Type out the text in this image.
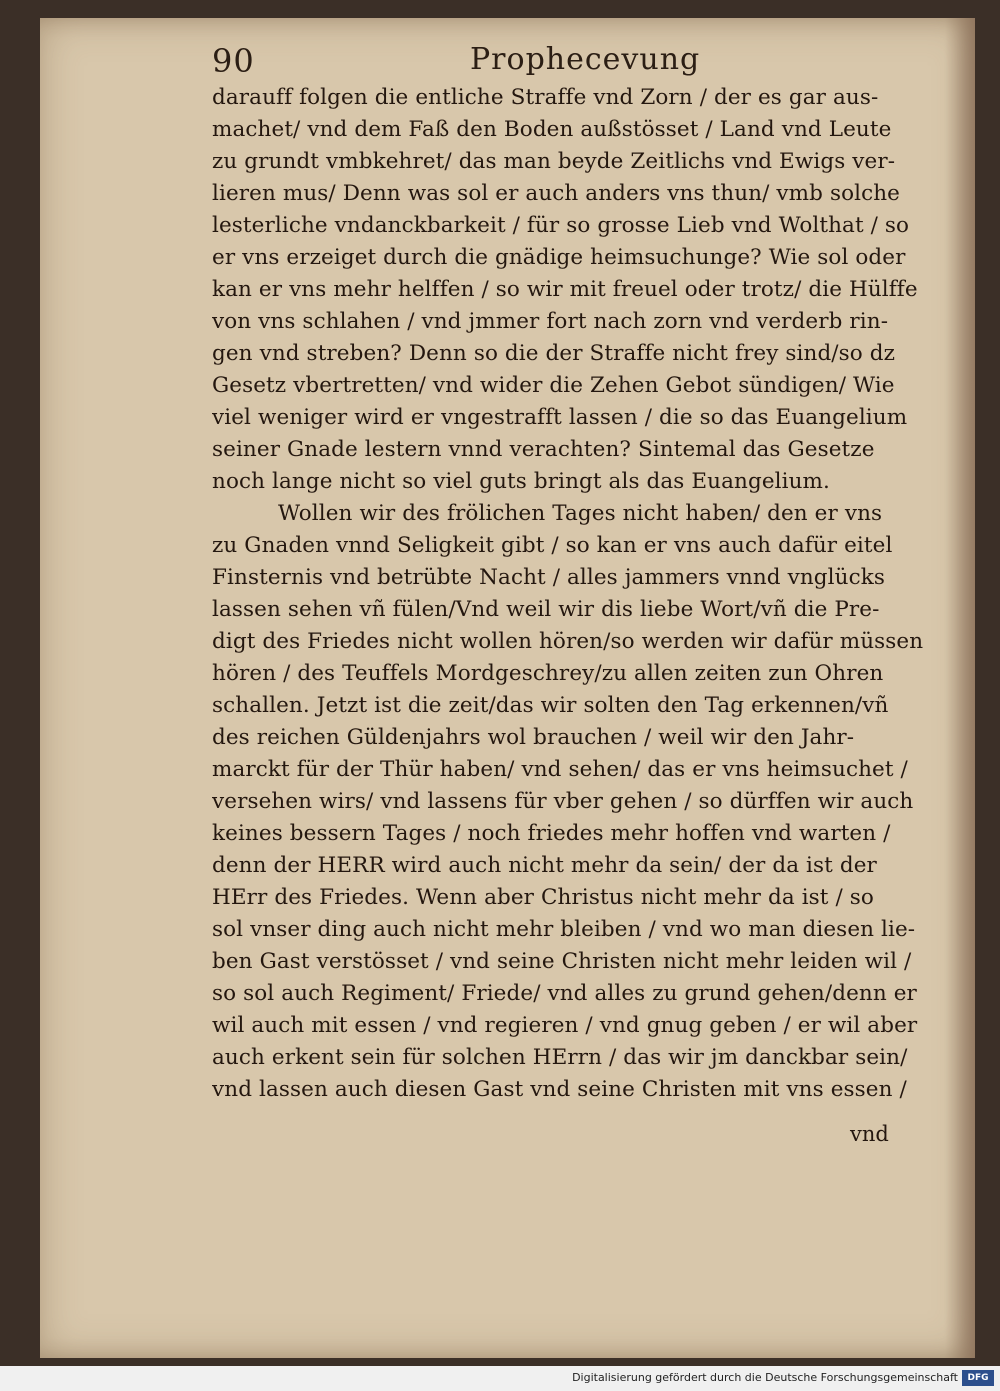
90	Prophecevung
darauff folgen die entliche Straffe vnd Zorn / der es gar aus-
machet/ vnd dem Faß den Boden außstösset / Land vnd Leute
zu grundt vmbkehret/ das man beyde Zeitlichs vnd Ewigs ver-
lieren mus/ Denn was sol er auch anders vns thun/ vmb solche
lesterliche vndanckbarkeit / für so grosse Lieb vnd Wolthat / so
er vns erzeiget durch die gnädige heimsuchunge? Wie sol oder
kan er vns mehr helffen / so wir mit freuel oder trotz/ die Hülffe
von vns schlahen / vnd jmmer fort nach zorn vnd verderb rin-
gen vnd streben? Denn so die der Straffe nicht frey sind/so dz
Gesetz vbertretten/ vnd wider die Zehen Gebot sündigen/ Wie
viel weniger wird er vngestrafft lassen / die so das Euangelium
seiner Gnade lestern vnnd verachten? Sintemal das Gesetze
noch lange nicht so viel guts bringt als das Euangelium.
Wollen wir des frölichen Tages nicht haben/ den er vns
zu Gnaden vnnd Seligkeit gibt / so kan er vns auch dafür eitel
Finsternis vnd betrübte Nacht / alles jammers vnnd vnglücks
lassen sehen vñ fülen/Vnd weil wir dis liebe Wort/vñ die Pre-
digt des Friedes nicht wollen hören/so werden wir dafür müssen
hören / des Teuffels Mordgeschrey/zu allen zeiten zun Ohren
schallen. Jetzt ist die zeit/das wir solten den Tag erkennen/vñ
des reichen Güldenjahrs wol brauchen / weil wir den Jahr-
marckt für der Thür haben/ vnd sehen/ das er vns heimsuchet /
versehen wirs/ vnd lassens für vber gehen / so dürffen wir auch
keines bessern Tages / noch friedes mehr hoffen vnd warten /
denn der HERR wird auch nicht mehr da sein/ der da ist der
HErr des Friedes. Wenn aber Christus nicht mehr da ist / so
sol vnser ding auch nicht mehr bleiben / vnd wo man diesen lie-
ben Gast verstösset / vnd seine Christen nicht mehr leiden wil /
so sol auch Regiment/ Friede/ vnd alles zu grund gehen/denn er
wil auch mit essen / vnd regieren / vnd gnug geben / er wil aber
auch erkent sein für solchen HErrn / das wir jm danckbar sein/
vnd lassen auch diesen Gast vnd seine Christen mit vns essen /
vnd
Digitalisierung gefördert durch die Deutsche Forschungsgemeinschaft	DFG
